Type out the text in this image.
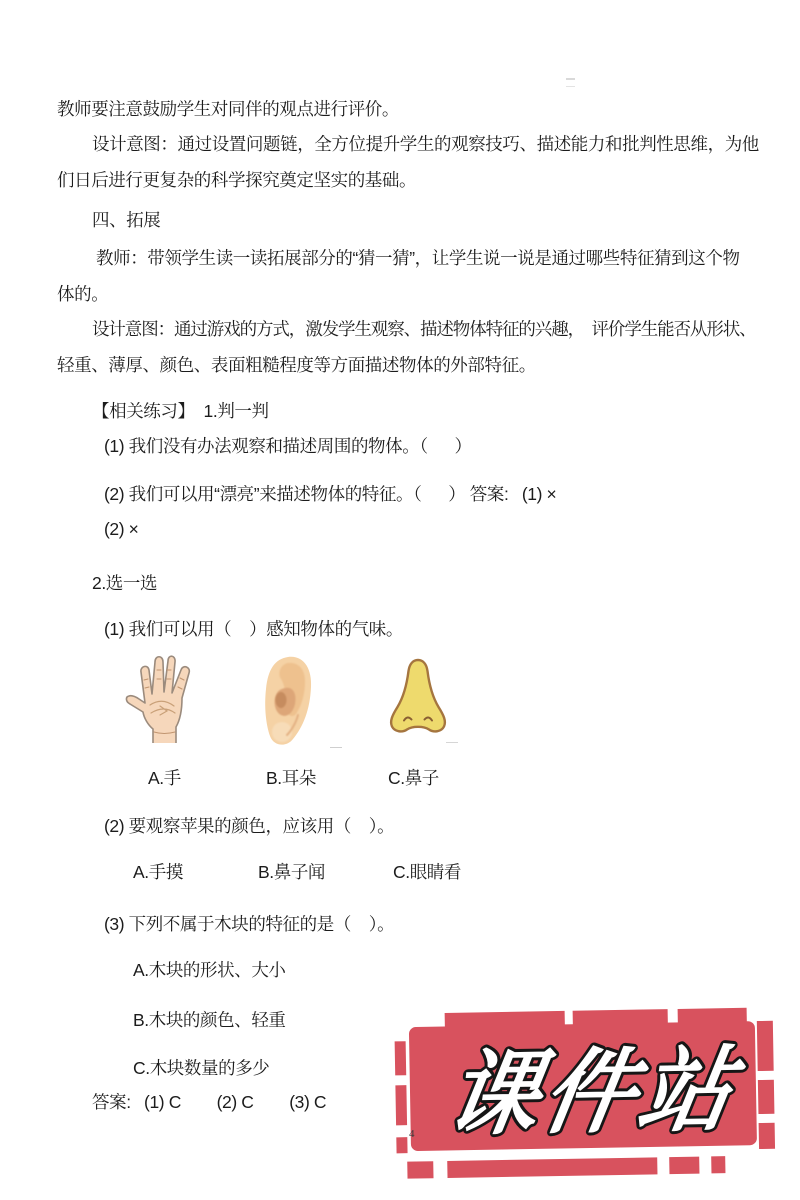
教师要注意鼓励学生对同伴的观点进行评价。
设计意图：通过设置问题链，全方位提升学生的观察技巧、描述能力和批判性思维，为他
们日后进行更复杂的科学探究奠定坚实的基础。
四、拓展
教师：带领学生读一读拓展部分的“猜一猜”，让学生说一说是通过哪些特征猜到这个物
体的。
设计意图：通过游戏的方式，激发学生观察、描述物体特征的兴趣，  评价学生能否从形状、
轻重、薄厚、颜色、表面粗糙程度等方面描述物体的外部特征。
【相关练习】  1.判一判
(1) 我们没有办法观察和描述周围的物体。（      ）
(2) 我们可以用“漂亮”来描述物体的特征。（      ） 答案:   (1) ×
(2) ×
2.选一选
(1) 我们可以用（    ）感知物体的气味。
A.手	B.耳朵	C.鼻子
(2) 要观察苹果的颜色，应该用（    ）。
A.手摸	B.鼻子闻	C.眼睛看
(3) 下列不属于木块的特征的是（    ）。
A.木块的形状、大小
B.木块的颜色、轻重
C.木块数量的多少
答案:   (1) C        (2) C        (3) C
4 课件站
